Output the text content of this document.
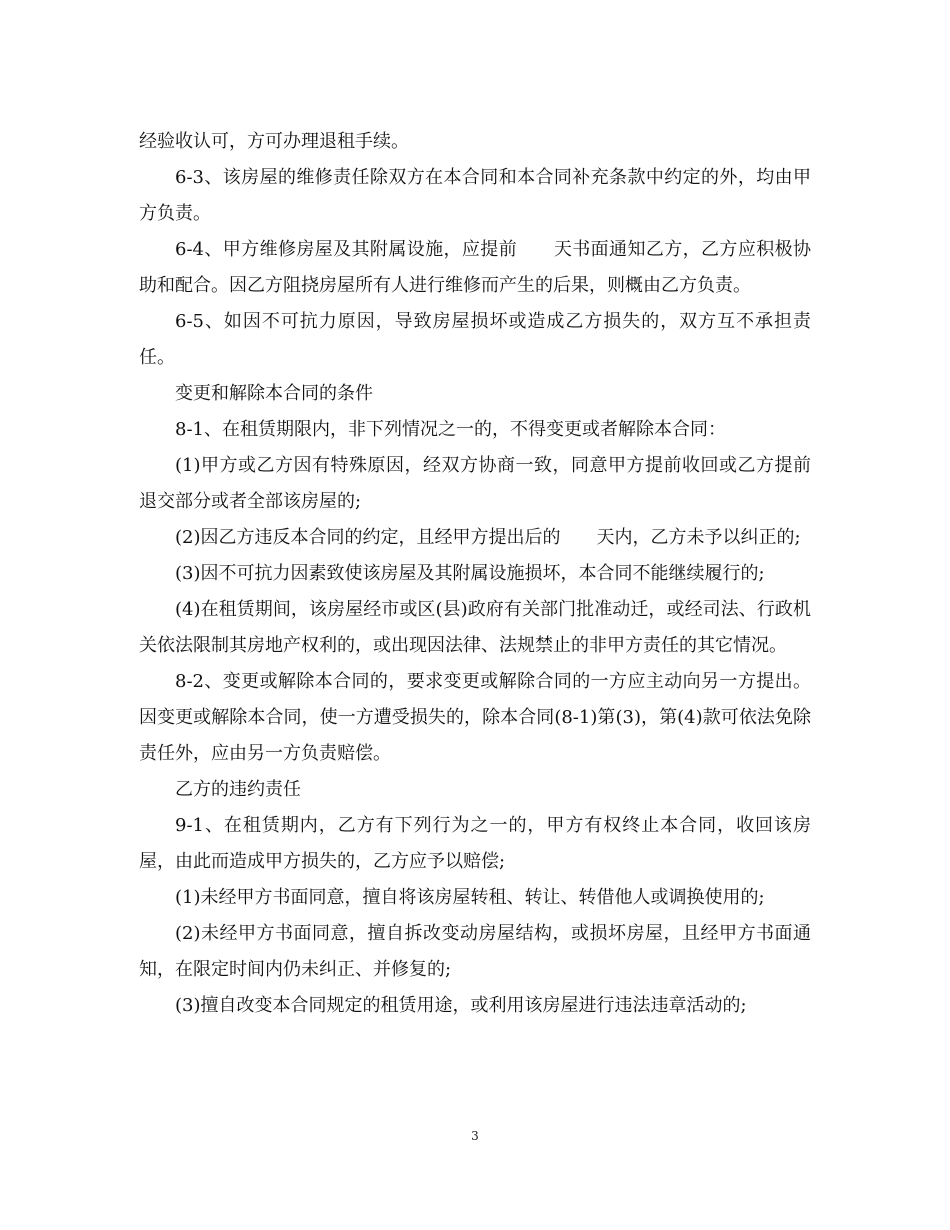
经验收认可，方可办理退租手续。

6-3、该房屋的维修责任除双方在本合同和本合同补充条款中约定的外，均由甲方负责。

6-4、甲方维修房屋及其附属设施，应提前　　天书面通知乙方，乙方应积极协助和配合。因乙方阻挠房屋所有人进行维修而产生的后果，则概由乙方负责。

6-5、如因不可抗力原因，导致房屋损坏或造成乙方损失的，双方互不承担责任。

变更和解除本合同的条件

8-1、在租赁期限内，非下列情况之一的，不得变更或者解除本合同：

(1)甲方或乙方因有特殊原因，经双方协商一致，同意甲方提前收回或乙方提前退交部分或者全部该房屋的;

(2)因乙方违反本合同的约定，且经甲方提出后的　　天内，乙方未予以纠正的;

(3)因不可抗力因素致使该房屋及其附属设施损坏，本合同不能继续履行的;

(4)在租赁期间，该房屋经市或区(县)政府有关部门批准动迁，或经司法、行政机关依法限制其房地产权利的，或出现因法律、法规禁止的非甲方责任的其它情况。

8-2、变更或解除本合同的，要求变更或解除合同的一方应主动向另一方提出。因变更或解除本合同，使一方遭受损失的，除本合同(8-1)第(3)，第(4)款可依法免除责任外，应由另一方负责赔偿。

乙方的违约责任

9-1、在租赁期内，乙方有下列行为之一的，甲方有权终止本合同，收回该房屋，由此而造成甲方损失的，乙方应予以赔偿;

(1)未经甲方书面同意，擅自将该房屋转租、转让、转借他人或调换使用的;

(2)未经甲方书面同意，擅自拆改变动房屋结构，或损坏房屋，且经甲方书面通知，在限定时间内仍未纠正、并修复的;

(3)擅自改变本合同规定的租赁用途，或利用该房屋进行违法违章活动的;

3
